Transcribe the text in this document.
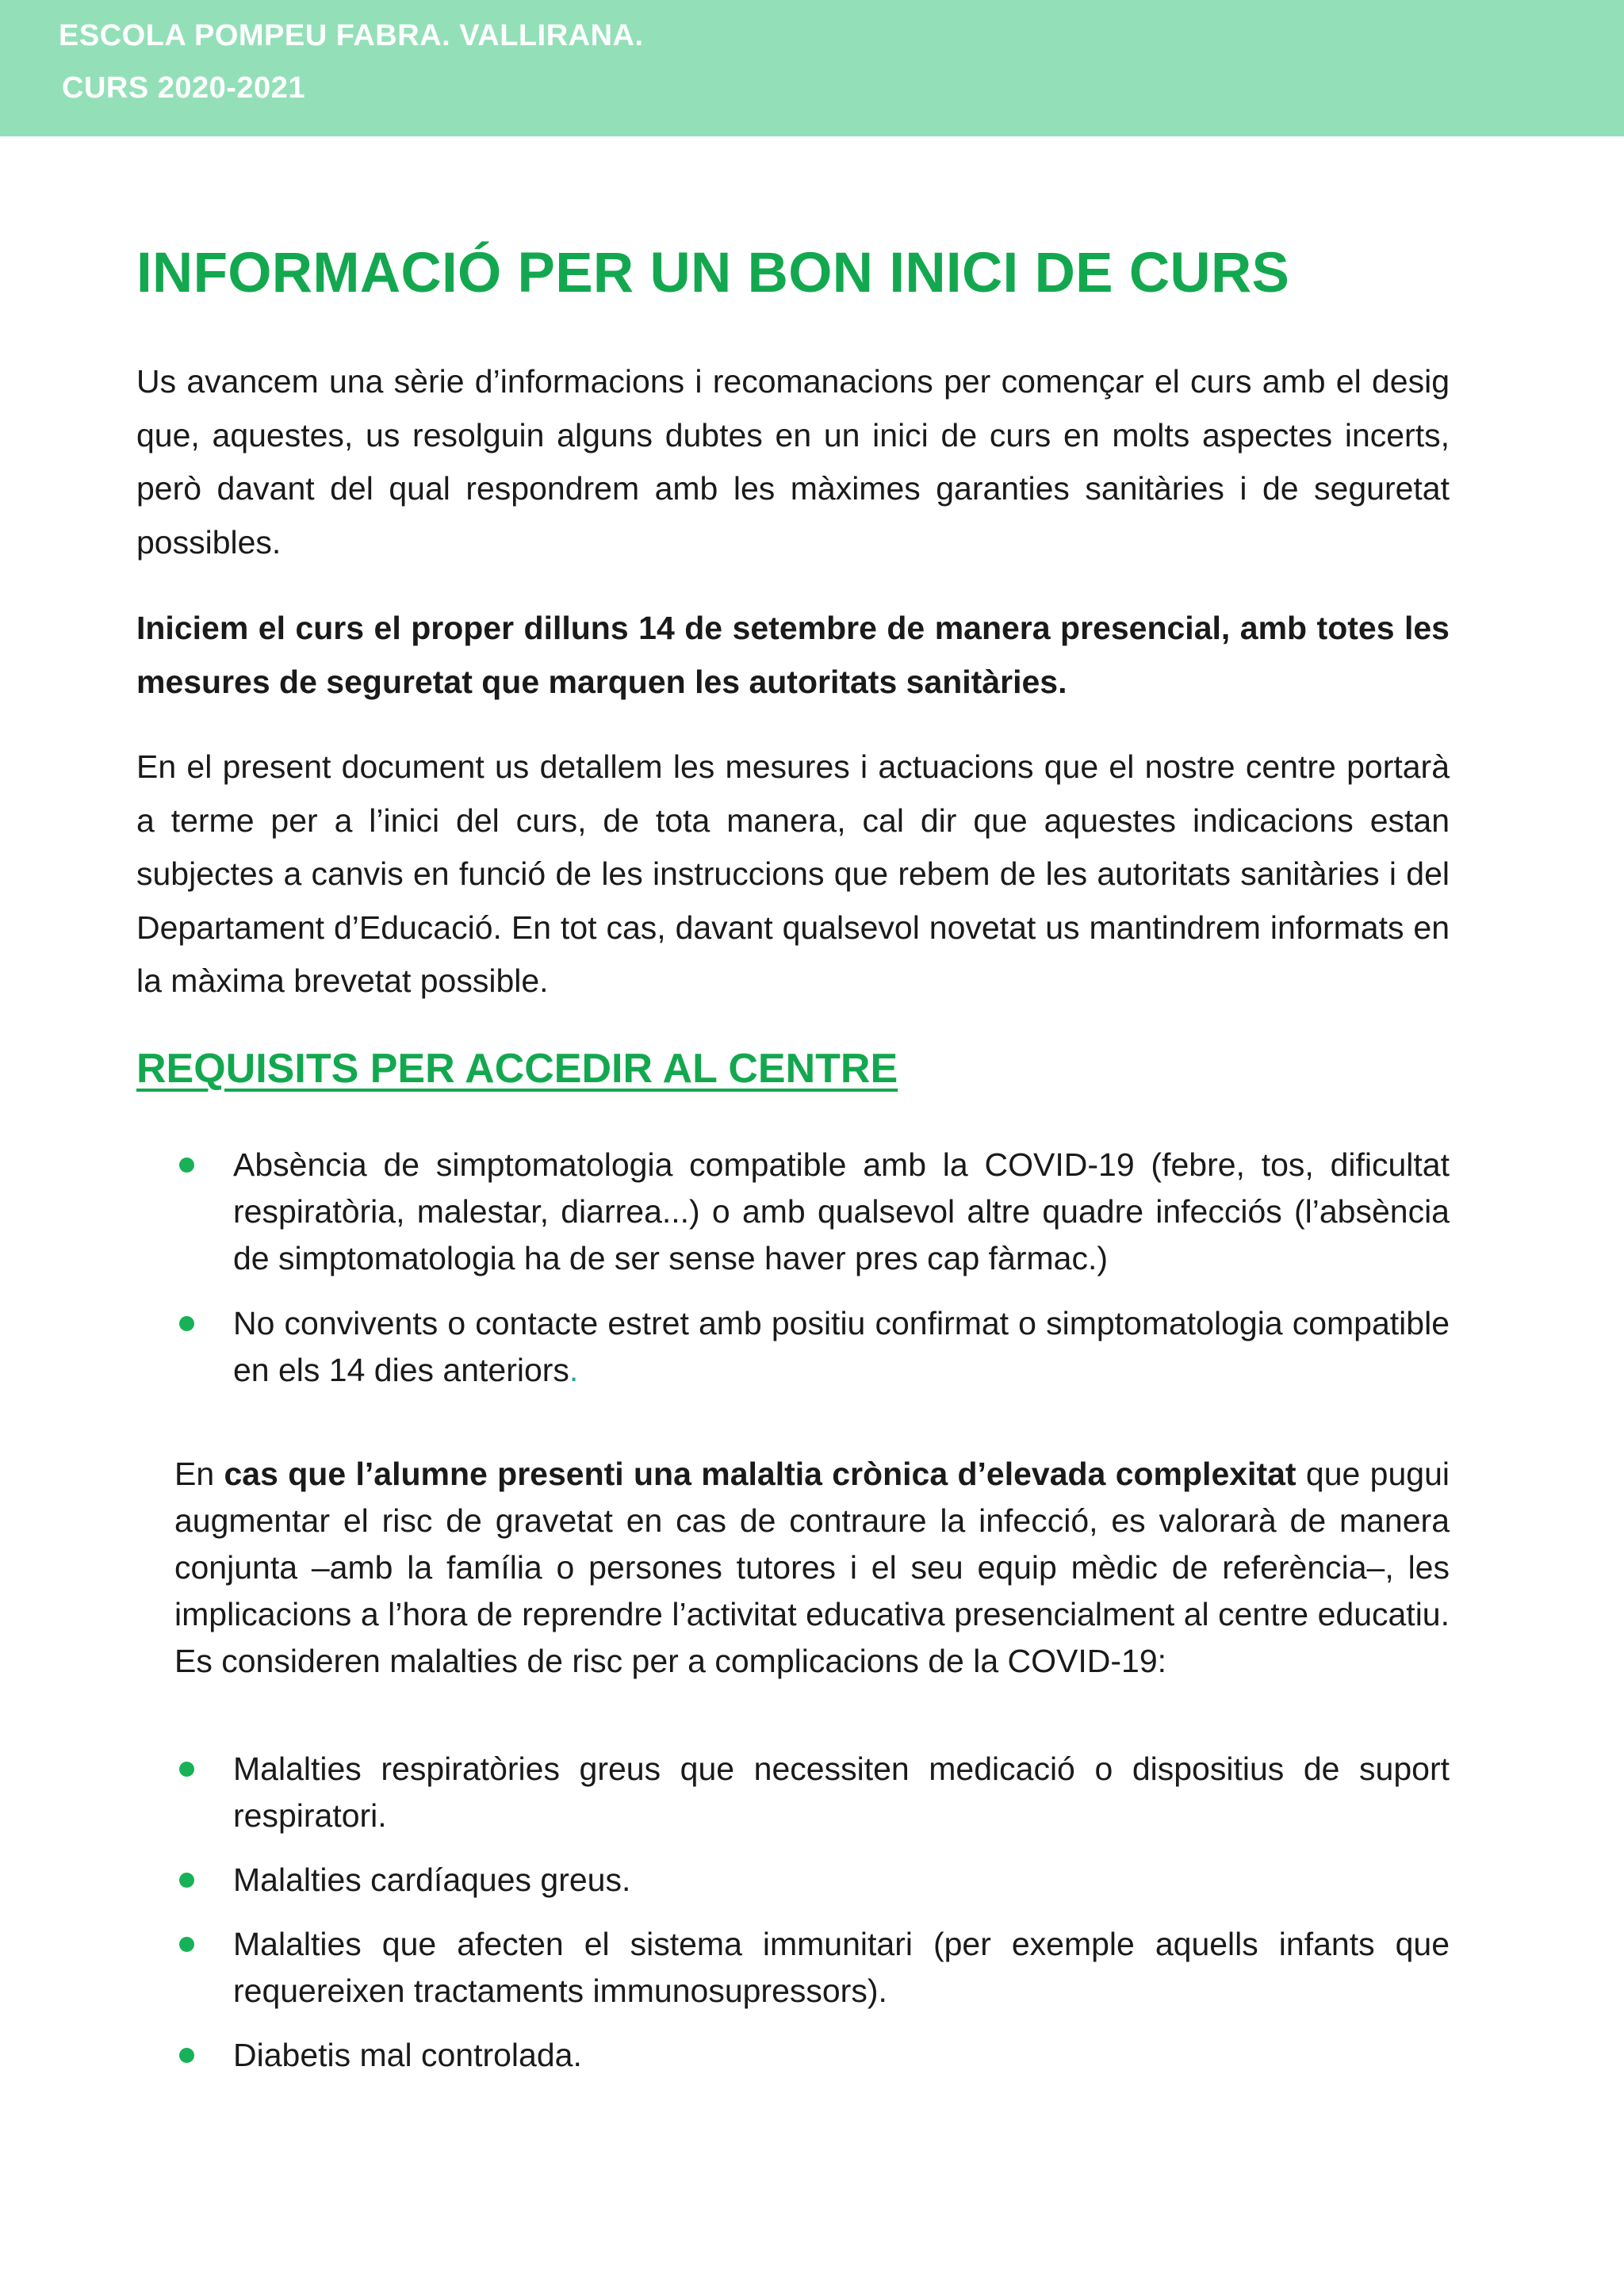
ESCOLA POMPEU FABRA. VALLIRANA.
CURS 2020-2021
INFORMACIÓ PER UN BON INICI DE CURS

Us avancem una sèrie d’informacions i recomanacions per començar el curs amb el desig que, aquestes, us resolguin alguns dubtes en un inici de curs en molts aspectes incerts, però davant del qual respondrem amb les màximes garanties sanitàries i de seguretat possibles.

Iniciem el curs el proper dilluns 14 de setembre de manera presencial, amb totes les mesures de seguretat que marquen les autoritats sanitàries.

En el present document us detallem les mesures i actuacions que el nostre centre portarà a terme per a l’inici del curs, de tota manera, cal dir que aquestes indicacions estan subjectes a canvis en funció de les instruccions que rebem de les autoritats sanitàries i del Departament d’Educació. En tot cas, davant qualsevol novetat us mantindrem informats en la màxima brevetat possible.

REQUISITS PER ACCEDIR AL CENTRE
Absència de simptomatologia compatible amb la COVID-19 (febre, tos, dificultat respiratòria, malestar, diarrea...) o amb qualsevol altre quadre infecciós (l’absència de simptomatologia ha de ser sense haver pres cap fàrmac.)
No convivents o contacte estret amb positiu confirmat o simptomatologia compatible en els 14 dies anteriors.

En cas que l’alumne presenti una malaltia crònica d’elevada complexitat que pugui augmentar el risc de gravetat en cas de contraure la infecció, es valorarà de manera conjunta –amb la família o persones tutores i el seu equip mèdic de referència–, les implicacions a l’hora de reprendre l’activitat educativa presencialment al centre educatiu. Es consideren malalties de risc per a complicacions de la COVID-19:

Malalties respiratòries greus que necessiten medicació o dispositius de suport respiratori.
Malalties cardíaques greus.
Malalties que afecten el sistema immunitari (per exemple aquells infants que requereixen tractaments immunosupressors).
Diabetis mal controlada.
